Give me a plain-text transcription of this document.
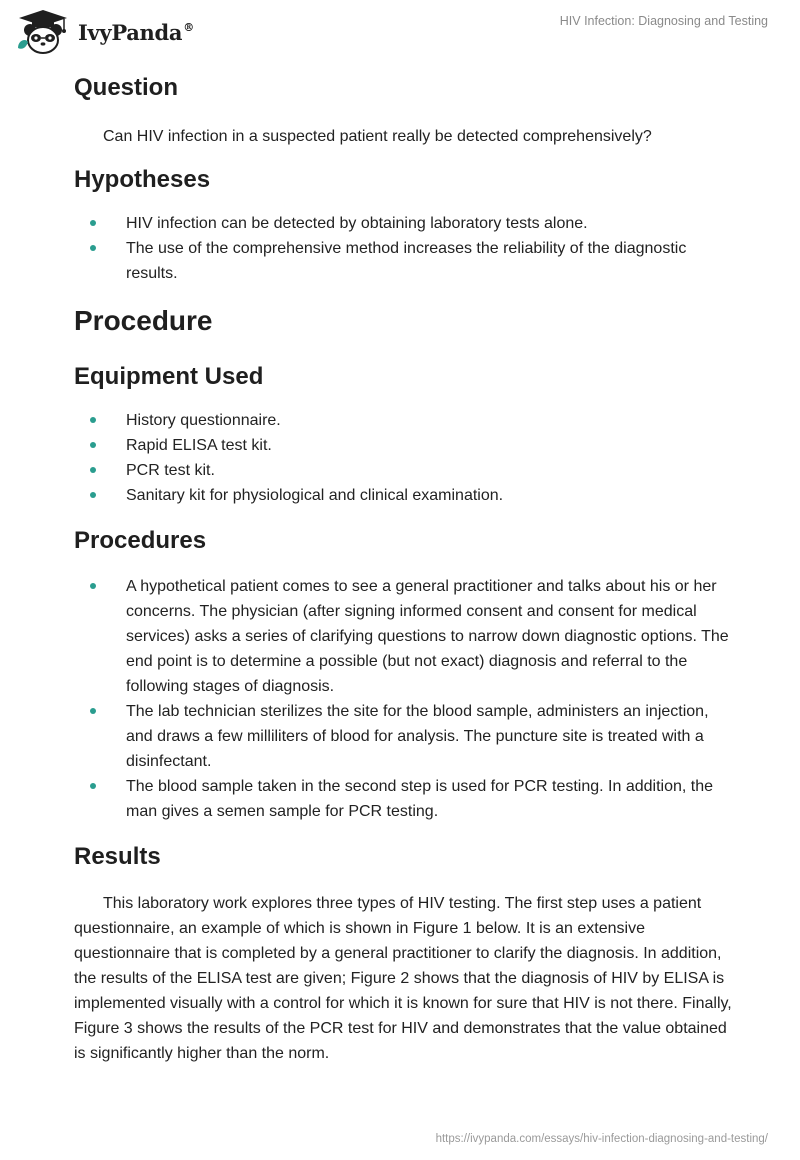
IvyPanda®	HIV Infection: Diagnosing and Testing
Question

Can HIV infection in a suspected patient really be detected comprehensively?

Hypotheses
HIV infection can be detected by obtaining laboratory tests alone.
The use of the comprehensive method increases the reliability of the diagnostic results.
Procedure
Equipment Used
History questionnaire.
Rapid ELISA test kit.
PCR test kit.
Sanitary kit for physiological and clinical examination.
Procedures
A hypothetical patient comes to see a general practitioner and talks about his or her concerns. The physician (after signing informed consent and consent for medical services) asks a series of clarifying questions to narrow down diagnostic options. The end point is to determine a possible (but not exact) diagnosis and referral to the following stages of diagnosis.
The lab technician sterilizes the site for the blood sample, administers an injection, and draws a few milliliters of blood for analysis. The puncture site is treated with a disinfectant.
The blood sample taken in the second step is used for PCR testing. In addition, the man gives a semen sample for PCR testing.
Results

This laboratory work explores three types of HIV testing. The first step uses a patient questionnaire, an example of which is shown in Figure 1 below. It is an extensive questionnaire that is completed by a general practitioner to clarify the diagnosis. In addition, the results of the ELISA test are given; Figure 2 shows that the diagnosis of HIV by ELISA is implemented visually with a control for which it is known for sure that HIV is not there. Finally, Figure 3 shows the results of the PCR test for HIV and demonstrates that the value obtained is significantly higher than the norm.

https://ivypanda.com/essays/hiv-infection-diagnosing-and-testing/
